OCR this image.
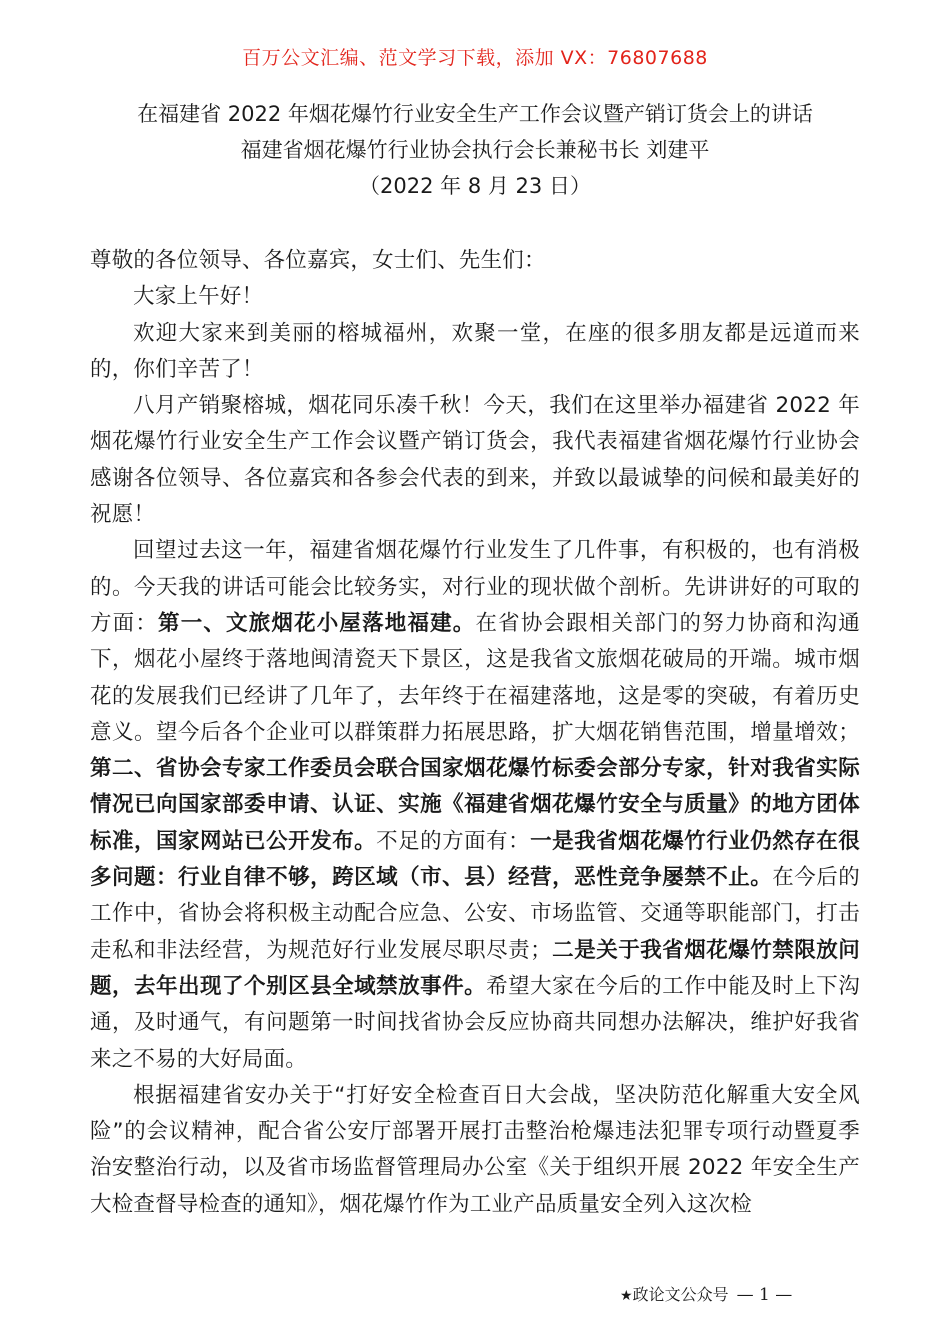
百万公文汇编、范文学习下载，添加 VX：76807688
在福建省 2022 年烟花爆竹行业安全生产工作会议暨产销订货会上的讲话
福建省烟花爆竹行业协会执行会长兼秘书长 刘建平
（2022 年 8 月 23 日）

尊敬的各位领导、各位嘉宾，女士们、先生们：

大家上午好！

欢迎大家来到美丽的榕城福州，欢聚一堂，在座的很多朋友都是远道而来的，你们辛苦了！

八月产销聚榕城，烟花同乐凑千秋！今天，我们在这里举办福建省 2022 年烟花爆竹行业安全生产工作会议暨产销订货会，我代表福建省烟花爆竹行业协会感谢各位领导、各位嘉宾和各参会代表的到来，并致以最诚挚的问候和最美好的祝愿！

回望过去这一年，福建省烟花爆竹行业发生了几件事，有积极的，也有消极的。今天我的讲话可能会比较务实，对行业的现状做个剖析。先讲讲好的可取的方面：第一、文旅烟花小屋落地福建。在省协会跟相关部门的努力协商和沟通下，烟花小屋终于落地闽清瓷天下景区，这是我省文旅烟花破局的开端。城市烟花的发展我们已经讲了几年了，去年终于在福建落地，这是零的突破，有着历史意义。望今后各个企业可以群策群力拓展思路，扩大烟花销售范围，增量增效；第二、省协会专家工作委员会联合国家烟花爆竹标委会部分专家，针对我省实际情况已向国家部委申请、认证、实施《福建省烟花爆竹安全与质量》的地方团体标准，国家网站已公开发布。不足的方面有：一是我省烟花爆竹行业仍然存在很多问题：行业自律不够，跨区域（市、县）经营，恶性竞争屡禁不止。在今后的工作中，省协会将积极主动配合应急、公安、市场监管、交通等职能部门，打击走私和非法经营，为规范好行业发展尽职尽责；二是关于我省烟花爆竹禁限放问题，去年出现了个别区县全域禁放事件。希望大家在今后的工作中能及时上下沟通，及时通气，有问题第一时间找省协会反应协商共同想办法解决，维护好我省来之不易的大好局面。

根据福建省安办关于“打好安全检查百日大会战，坚决防范化解重大安全风险”的会议精神，配合省公安厅部署开展打击整治枪爆违法犯罪专项行动暨夏季治安整治行动，以及省市场监督管理局办公室《关于组织开展 2022 年安全生产大检查督导检查的通知》，烟花爆竹作为工业产品质量安全列入这次检

★政论文公众号 — 1 —
